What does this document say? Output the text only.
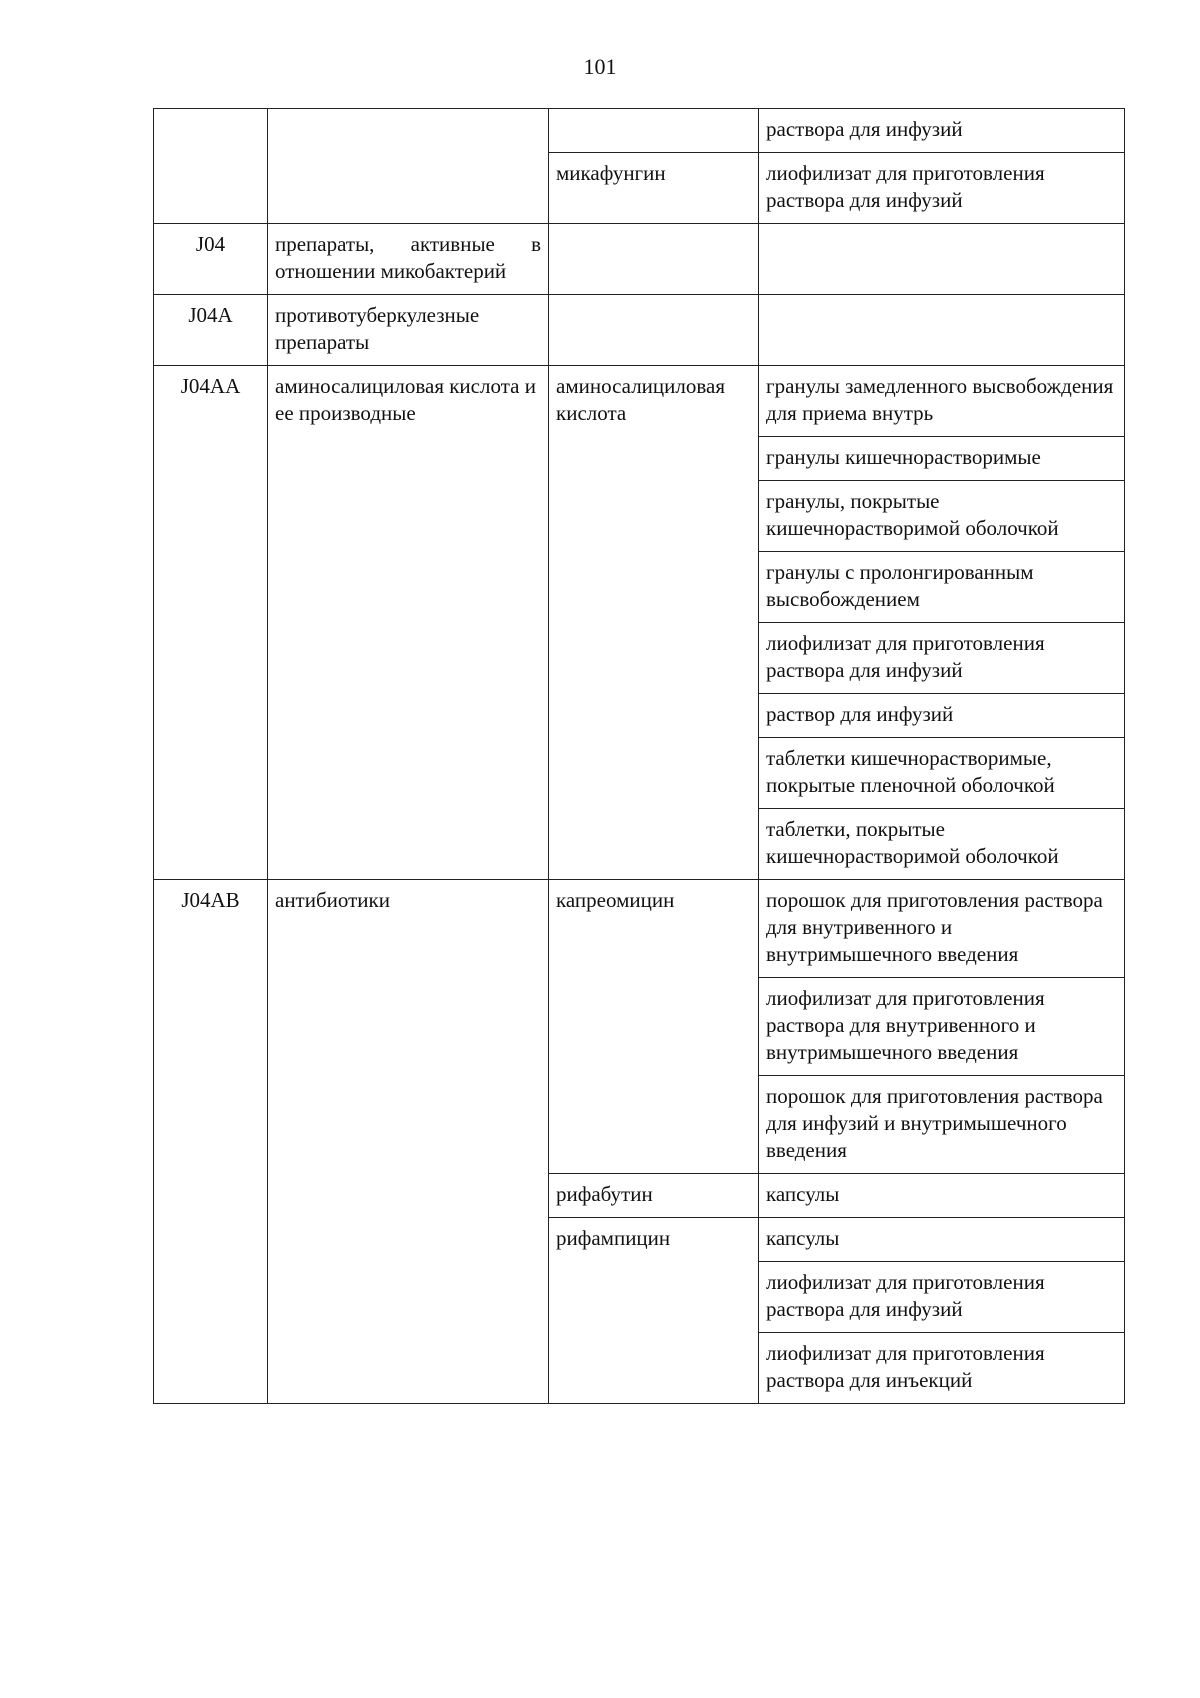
101
			раствора для инфузий
		микафунгин	лиофилизат для приготовления раствора для инфузий
J04	препараты, активные в отношении микобактерий		
J04A	противотуберкулезные препараты		
J04AA	аминосалициловая кислота и ее производные	аминосалициловая кислота	гранулы замедленного высвобождения для приема внутрь
			гранулы кишечнорастворимые
			гранулы, покрытые кишечнорастворимой оболочкой
			гранулы с пролонгированным высвобождением
			лиофилизат для приготовления раствора для инфузий
			раствор для инфузий
			таблетки кишечнорастворимые, покрытые пленочной оболочкой
			таблетки, покрытые кишечнорастворимой оболочкой
J04AB	антибиотики	капреомицин	порошок для приготовления раствора для внутривенного и внутримышечного введения
			лиофилизат для приготовления раствора для внутривенного и внутримышечного введения
			порошок для приготовления раствора для инфузий и внутримышечного введения
		рифабутин	капсулы
		рифампицин	капсулы
			лиофилизат для приготовления раствора для инфузий
			лиофилизат для приготовления раствора для инъекций
